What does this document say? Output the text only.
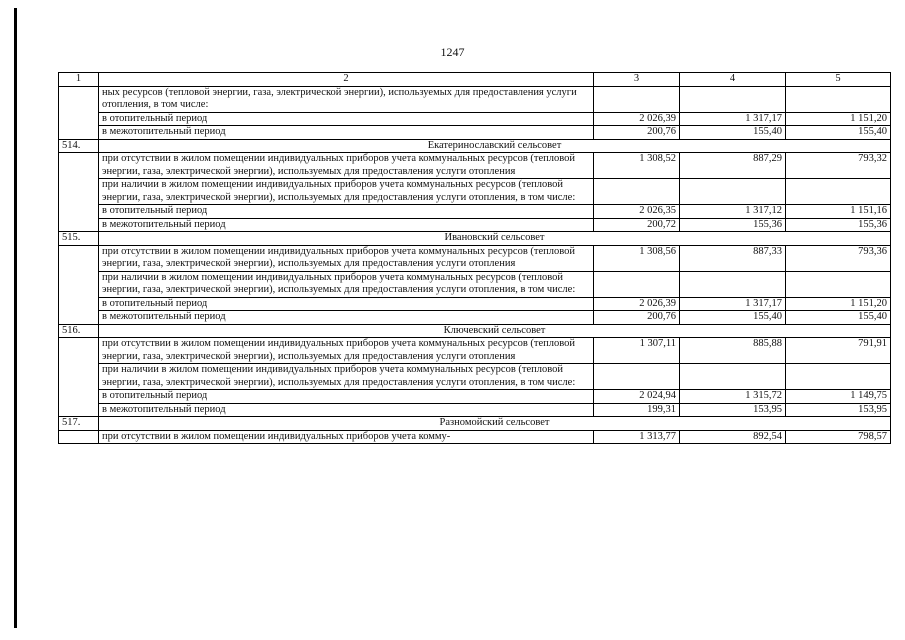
1247
1	2	3	4	5
	ных ресурсов (тепловой энергии, газа, электрической энергии), используемых для предоставления услуги отопления, в том числе:			
	в отопительный период	2 026,39	1 317,17	1 151,20
	в межотопительный период	200,76	155,40	155,40
514.	Екатеринославский сельсовет			
	при отсутствии в жилом помещении индивидуальных приборов учета коммунальных ресурсов (тепловой энергии, газа, электрической энергии), используемых для предоставления услуги отопления	1 308,52	887,29	793,32
	при наличии в жилом помещении индивидуальных приборов учета коммунальных ресурсов (тепловой энергии, газа, электрической энергии), используемых для предоставления услуги отопления, в том числе:			
	в отопительный период	2 026,35	1 317,12	1 151,16
	в межотопительный период	200,72	155,36	155,36
515.	Ивановский сельсовет			
	при отсутствии в жилом помещении индивидуальных приборов учета коммунальных ресурсов (тепловой энергии, газа, электрической энергии), используемых для предоставления услуги отопления	1 308,56	887,33	793,36
	при наличии в жилом помещении индивидуальных приборов учета коммунальных ресурсов (тепловой энергии, газа, электрической энергии), используемых для предоставления услуги отопления, в том числе:			
	в отопительный период	2 026,39	1 317,17	1 151,20
	в межотопительный период	200,76	155,40	155,40
516.	Ключевский сельсовет			
	при отсутствии в жилом помещении индивидуальных приборов учета коммунальных ресурсов (тепловой энергии, газа, электрической энергии), используемых для предоставления услуги отопления	1 307,11	885,88	791,91
	при наличии в жилом помещении индивидуальных приборов учета коммунальных ресурсов (тепловой энергии, газа, электрической энергии), используемых для предоставления услуги отопления, в том числе:			
	в отопительный период	2 024,94	1 315,72	1 149,75
	в межотопительный период	199,31	153,95	153,95
517.	Разномойский сельсовет			
	при отсутствии в жилом помещении индивидуальных приборов учета комму-	1 313,77	892,54	798,57
